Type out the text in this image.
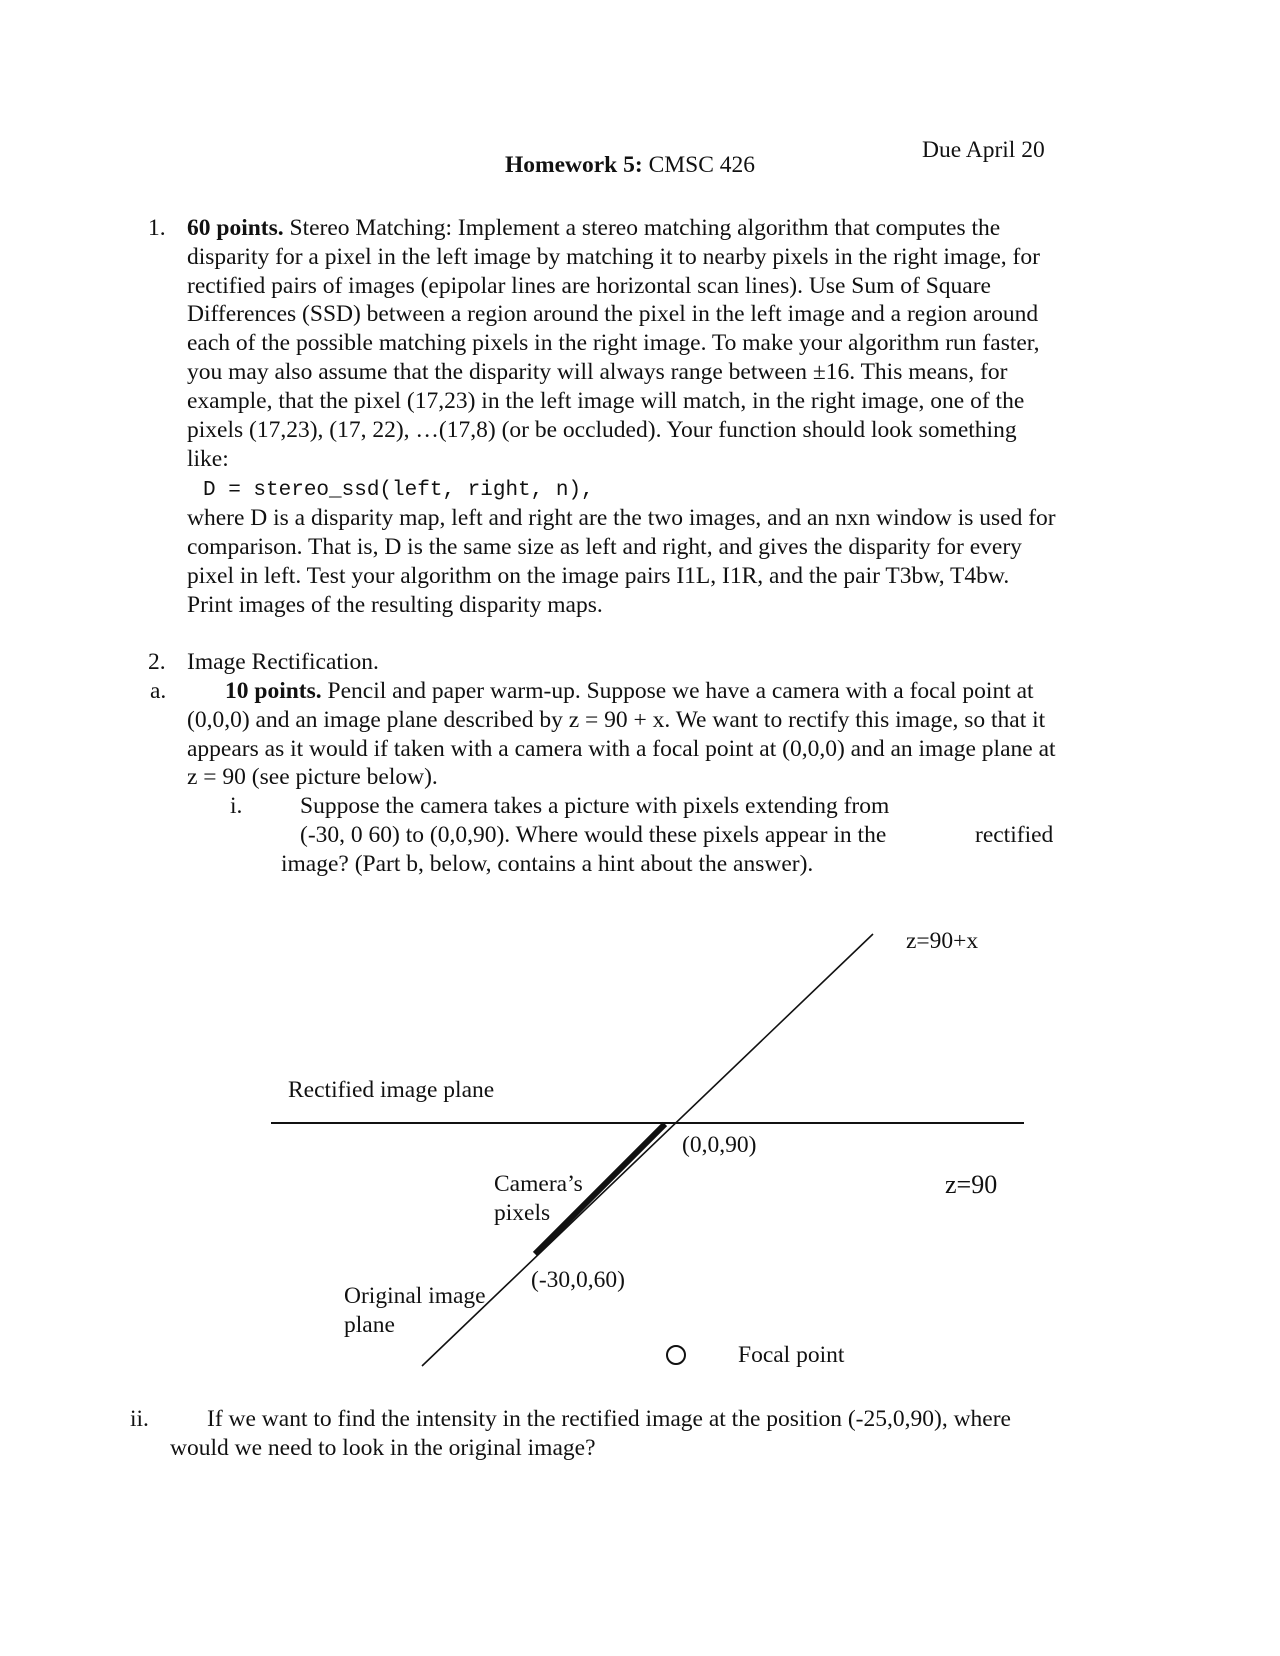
Due April 20
Homework 5: CMSC 426
1. 60 points. Stereo Matching: Implement a stereo matching algorithm that computes the
disparity for a pixel in the left image by matching it to nearby pixels in the right image, for
rectified pairs of images (epipolar lines are horizontal scan lines). Use Sum of Square
Differences (SSD) between a region around the pixel in the left image and a region around
each of the possible matching pixels in the right image. To make your algorithm run faster,
you may also assume that the disparity will always range between ±16. This means, for
example, that the pixel (17,23) in the left image will match, in the right image, one of the
pixels (17,23), (17, 22), …(17,8) (or be occluded). Your function should look something
like:
D = stereo_ssd(left, right, n),
where D is a disparity map, left and right are the two images, and an nxn window is used for
comparison. That is, D is the same size as left and right, and gives the disparity for every
pixel in left. Test your algorithm on the image pairs I1L, I1R, and the pair T3bw, T4bw.
Print images of the resulting disparity maps.
2. Image Rectification.
a. 10 points. Pencil and paper warm-up. Suppose we have a camera with a focal point at
(0,0,0) and an image plane described by z = 90 + x. We want to rectify this image, so that it
appears as it would if taken with a camera with a focal point at (0,0,0) and an image plane at
z = 90 (see picture below).
i. Suppose the camera takes a picture with pixels extending from
(-30, 0 60) to (0,0,90). Where would these pixels appear in the	rectified
image? (Part b, below, contains a hint about the answer).
z=90+x
Rectified image plane
(0,0,90)
z=90
Camera’s
pixels
(-30,0,60)
Original image
plane
Focal point
ii. If we want to find the intensity in the rectified image at the position (-25,0,90), where
would we need to look in the original image?
